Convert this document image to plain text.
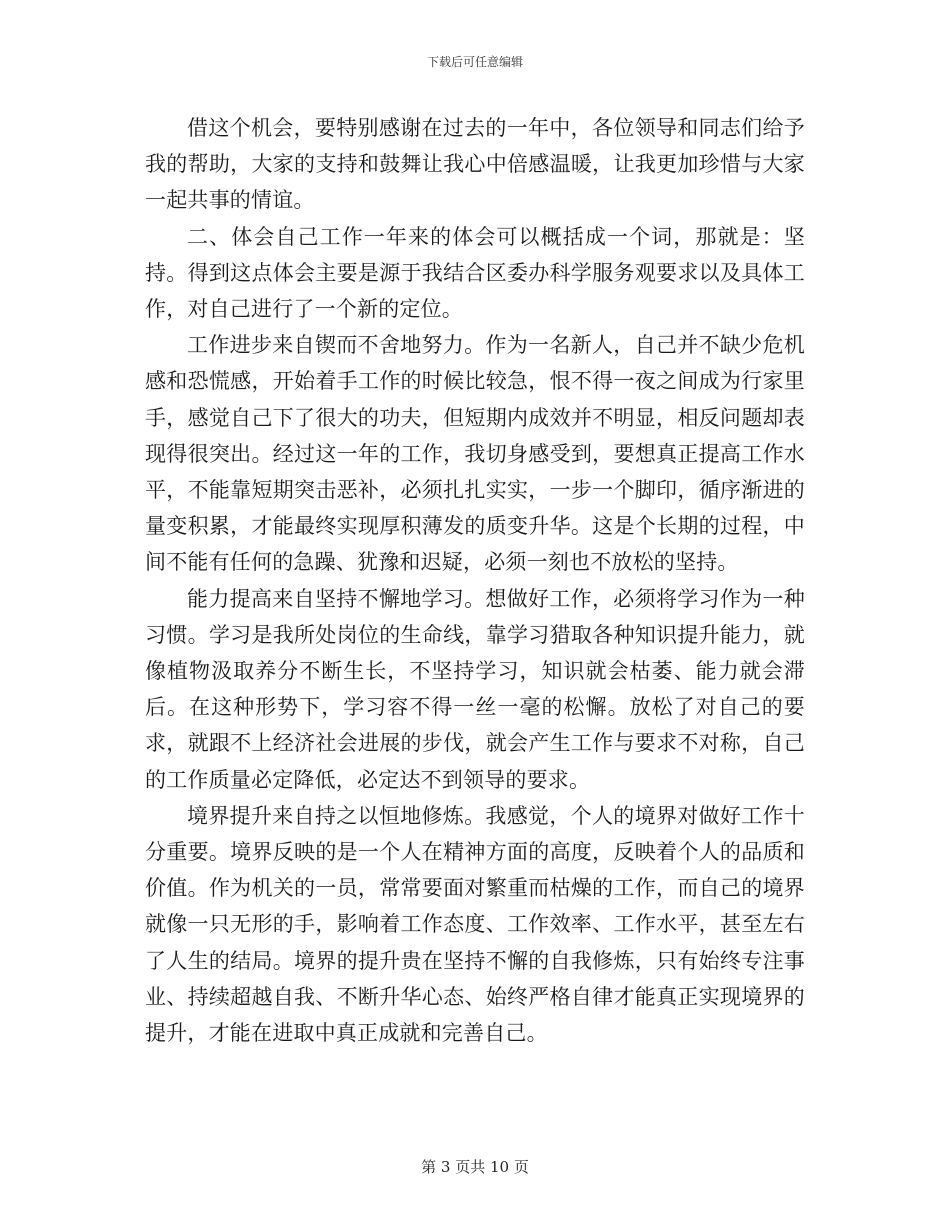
下载后可任意编辑

借这个机会，要特别感谢在过去的一年中，各位领导和同志们给予我的帮助，大家的支持和鼓舞让我心中倍感温暖，让我更加珍惜与大家一起共事的情谊。

二、体会自己工作一年来的体会可以概括成一个词，那就是：坚持。得到这点体会主要是源于我结合区委办科学服务观要求以及具体工作，对自己进行了一个新的定位。

工作进步来自锲而不舍地努力。作为一名新人，自己并不缺少危机感和恐慌感，开始着手工作的时候比较急，恨不得一夜之间成为行家里手，感觉自己下了很大的功夫，但短期内成效并不明显，相反问题却表现得很突出。经过这一年的工作，我切身感受到，要想真正提高工作水平，不能靠短期突击恶补，必须扎扎实实，一步一个脚印，循序渐进的量变积累，才能最终实现厚积薄发的质变升华。这是个长期的过程，中间不能有任何的急躁、犹豫和迟疑，必须一刻也不放松的坚持。

能力提高来自坚持不懈地学习。想做好工作，必须将学习作为一种习惯。学习是我所处岗位的生命线，靠学习猎取各种知识提升能力，就像植物汲取养分不断生长，不坚持学习，知识就会枯萎、能力就会滞后。在这种形势下，学习容不得一丝一毫的松懈。放松了对自己的要求，就跟不上经济社会进展的步伐，就会产生工作与要求不对称，自己的工作质量必定降低，必定达不到领导的要求。

境界提升来自持之以恒地修炼。我感觉，个人的境界对做好工作十分重要。境界反映的是一个人在精神方面的高度，反映着个人的品质和价值。作为机关的一员，常常要面对繁重而枯燥的工作，而自己的境界就像一只无形的手，影响着工作态度、工作效率、工作水平，甚至左右了人生的结局。境界的提升贵在坚持不懈的自我修炼，只有始终专注事业、持续超越自我、不断升华心态、始终严格自律才能真正实现境界的提升，才能在进取中真正成就和完善自己。

第 3 页共 10 页
